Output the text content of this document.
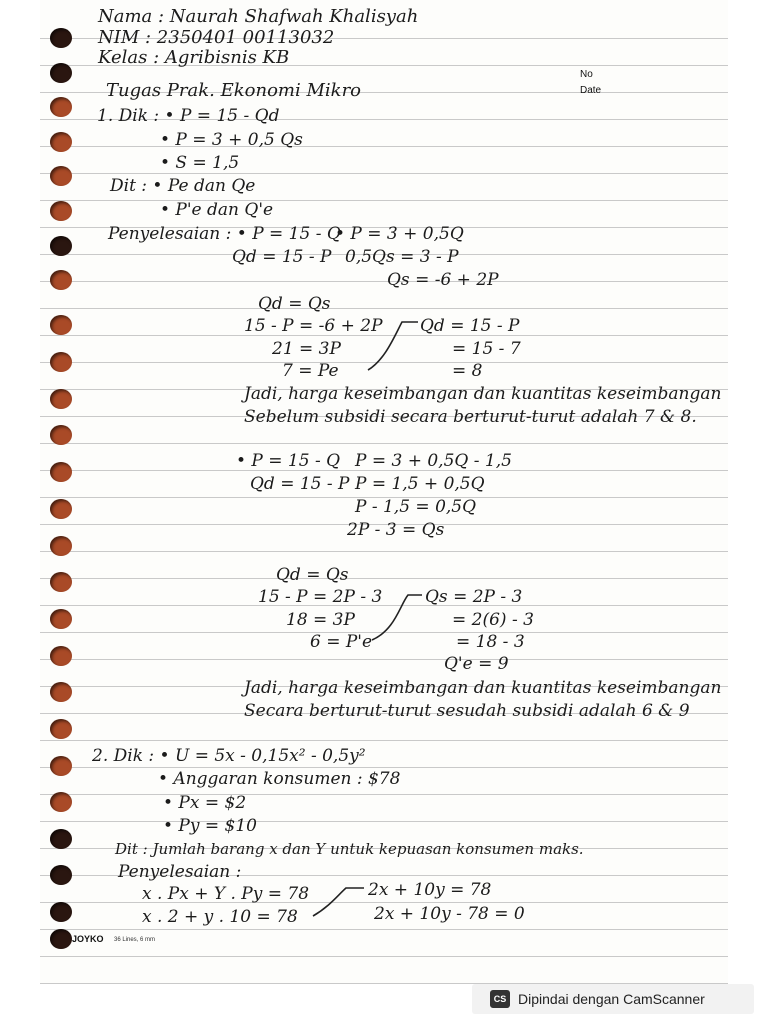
Nama : Naurah Shafwah Khalisyah
NIM : 2350401 00113032
Kelas : Agribisnis KB
No
Date
Tugas Prak. Ekonomi Mikro
1. Dik : • P = 15 - Qd
• P = 3 + 0,5 Qs
• S = 1,5
Dit : • Pe dan Qe
• P'e dan Q'e
Penyelesaian : • P = 15 - Q
• P = 3 + 0,5Q
Qd = 15 - P 0,5Qs = 3 - P
Qs = -6 + 2P
Qd = Qs
15 - P = -6 + 2P
21 = 3P
7 = Pe
Qd = 15 - P
= 15 - 7
= 8
Jadi, harga keseimbangan dan kuantitas keseimbangan
Sebelum subsidi secara berturut-turut adalah 7 & 8.
• P = 15 - Q P = 3 + 0,5Q - 1,5
Qd = 15 - P P = 1,5 + 0,5Q
P - 1,5 = 0,5Q
2P - 3 = Qs
Qd = Qs
15 - P = 2P - 3
18 = 3P
6 = P'e
Qs = 2P - 3
= 2(6) - 3
= 18 - 3
Q'e = 9
Jadi, harga keseimbangan dan kuantitas keseimbangan
Secara berturut-turut sesudah subsidi adalah 6 & 9
2. Dik : • U = 5x - 0,15x² - 0,5y²
• Anggaran konsumen : $78
• Px = $2
• Py = $10
Dit : Jumlah barang x dan Y untuk kepuasan konsumen maks.
Penyelesaian :
x . Px + Y . Py = 78
x . 2 + y . 10 = 78
2x + 10y = 78
2x + 10y - 78 = 0
JOYKO 36 Lines, 6 mm
CS Dipindai dengan CamScanner
